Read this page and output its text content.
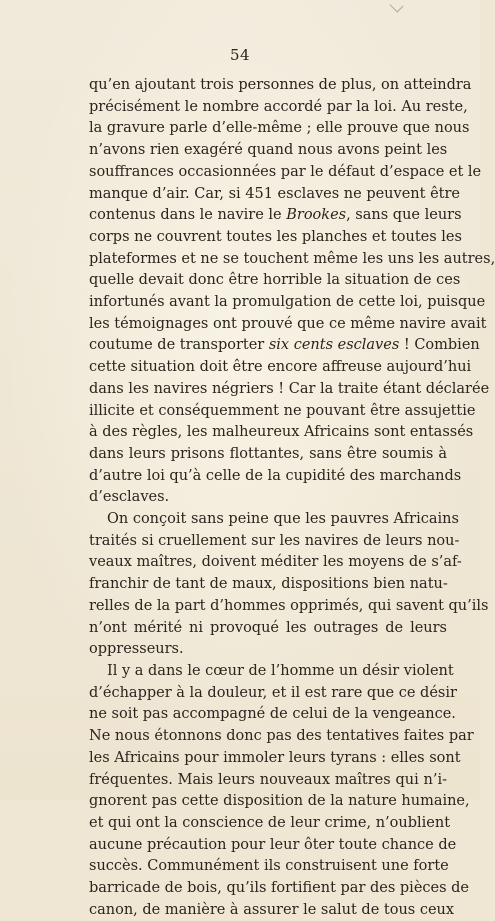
54
qu’en ajoutant trois personnes de plus, on atteindra
précisément le nombre accordé par la loi. Au reste,
la gravure parle d’elle-même ; elle prouve que nous
n’avons rien exagéré quand nous avons peint les
souffrances occasionnées par le défaut d’espace et le
manque d’air. Car, si 451 esclaves ne peuvent être
contenus dans le navire le Brookes, sans que leurs
corps ne couvrent toutes les planches et toutes les
plateformes et ne se touchent même les uns les autres,
quelle devait donc être horrible la situation de ces
infortunés avant la promulgation de cette loi, puisque
les témoignages ont prouvé que ce même navire avait
coutume de transporter six cents esclaves ! Combien
cette situation doit être encore affreuse aujourd’hui
dans les navires négriers ! Car la traite étant déclarée
illicite et conséquemment ne pouvant être assujettie
à des règles, les malheureux Africains sont entassés
dans leurs prisons flottantes, sans être soumis à
d’autre loi qu’à celle de la cupidité des marchands
d’esclaves.
On conçoit sans peine que les pauvres Africains
traités si cruellement sur les navires de leurs nou-
veaux maîtres, doivent méditer les moyens de s’af-
franchir de tant de maux, dispositions bien natu-
relles de la part d’hommes opprimés, qui savent qu’ils
n’ont mérité ni provoqué les outrages de leurs
oppresseurs.
Il y a dans le cœur de l’homme un désir violent
d’échapper à la douleur, et il est rare que ce désir
ne soit pas accompagné de celui de la vengeance.
Ne nous étonnons donc pas des tentatives faites par
les Africains pour immoler leurs tyrans : elles sont
fréquentes. Mais leurs nouveaux maîtres qui n’i-
gnorent pas cette disposition de la nature humaine,
et qui ont la conscience de leur crime, n’oublient
aucune précaution pour leur ôter toute chance de
succès. Communément ils construisent une forte
barricade de bois, qu’ils fortifient par des pièces de
canon, de manière à assurer le salut de tous ceux
